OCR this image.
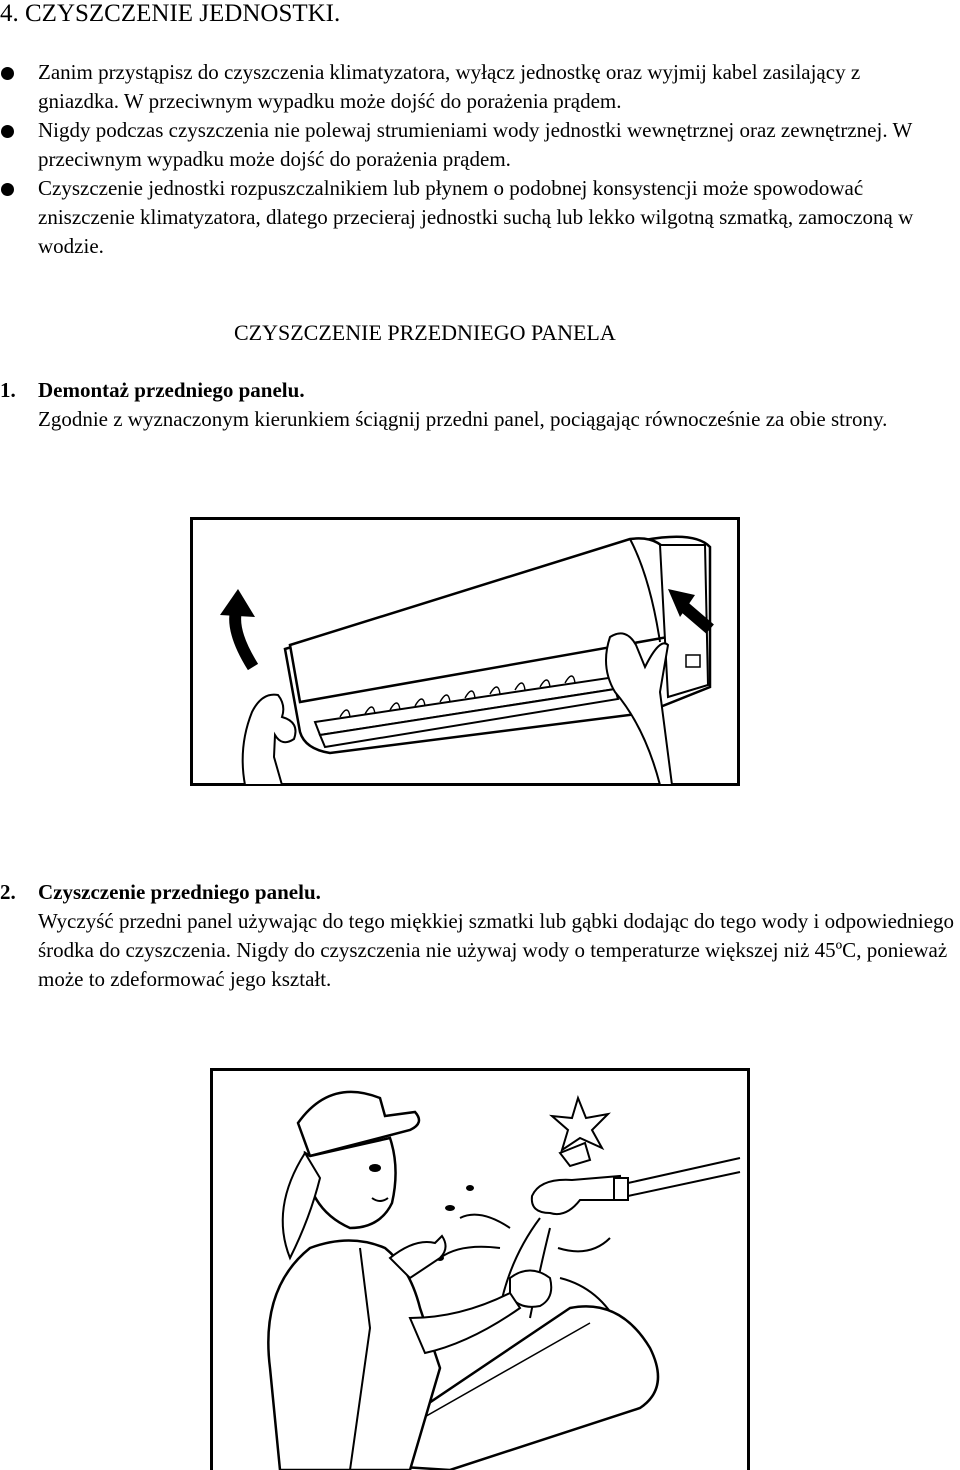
4. CZYSZCZENIE JEDNOSTKI.
Zanim przystąpisz do czyszczenia klimatyzatora, wyłącz jednostkę oraz wyjmij kabel zasilający z gniazdka. W przeciwnym wypadku może dojść do porażenia prądem.
Nigdy podczas czyszczenia nie polewaj strumieniami wody jednostki wewnętrznej oraz zewnętrznej. W przeciwnym wypadku może dojść do porażenia prądem.
Czyszczenie jednostki rozpuszczalnikiem lub płynem o podobnej konsystencji może spowodować zniszczenie klimatyzatora, dlatego przecieraj jednostki suchą lub lekko wilgotną szmatką, zamoczoną w wodzie.
CZYSZCZENIE PRZEDNIEGO PANELA

1. Demontaż przedniego panelu.

Zgodnie z wyznaczonym kierunkiem ściągnij przedni panel, pociągając równocześnie za obie strony.

2. Czyszczenie przedniego panelu.

Wyczyść przedni panel używając do tego miękkiej szmatki lub gąbki dodając do tego wody i odpowiedniego środka do czyszczenia. Nigdy do czyszczenia nie używaj wody o temperaturze większej niż 45ºC, ponieważ może to zdeformować jego kształt.
